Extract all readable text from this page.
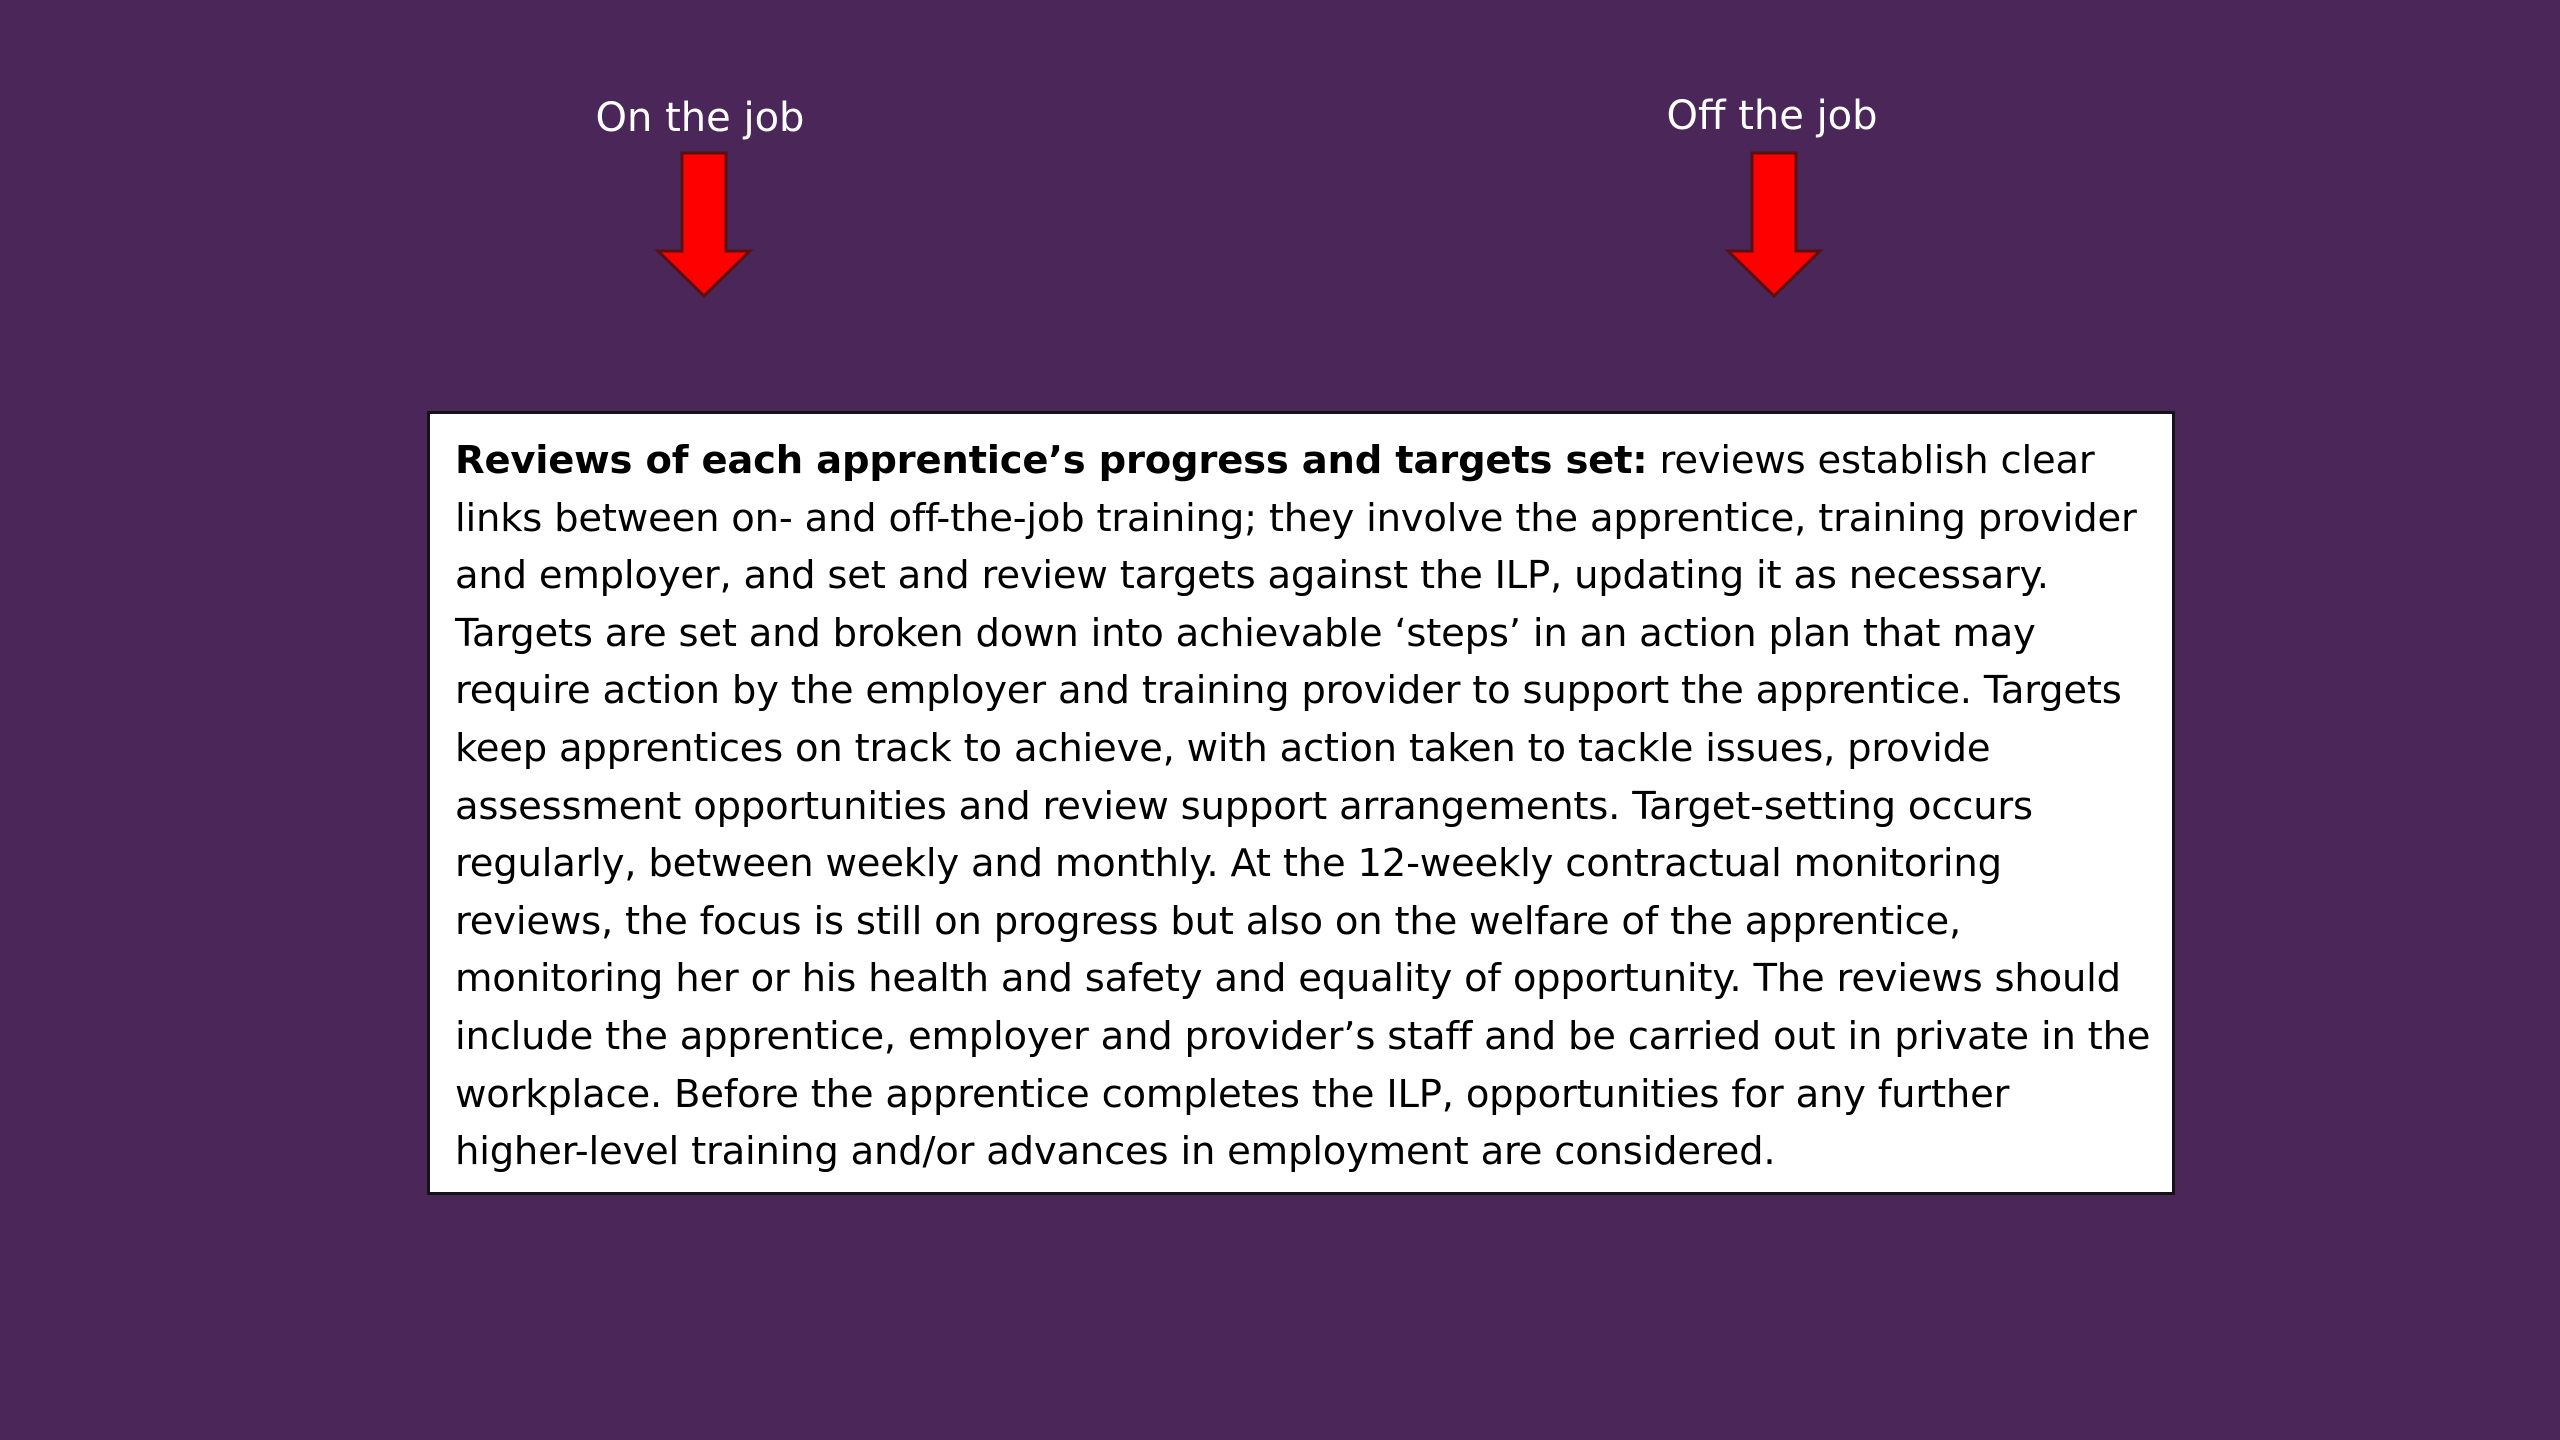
On the job	Off the job
Reviews of each apprentice’s progress and targets set: reviews establish clear links between on- and off-the-job training; they involve the apprentice, training provider and employer, and set and review targets against the ILP, updating it as necessary. Targets are set and broken down into achievable ‘steps’ in an action plan that may require action by the employer and training provider to support the apprentice. Targets keep apprentices on track to achieve, with action taken to tackle issues, provide assessment opportunities and review support arrangements. Target-setting occurs regularly, between weekly and monthly. At the 12-weekly contractual monitoring reviews, the focus is still on progress but also on the welfare of the apprentice, monitoring her or his health and safety and equality of opportunity. The reviews should include the apprentice, employer and provider’s staff and be carried out in private in the workplace. Before the apprentice completes the ILP, opportunities for any further higher-level training and/or advances in employment are considered.
